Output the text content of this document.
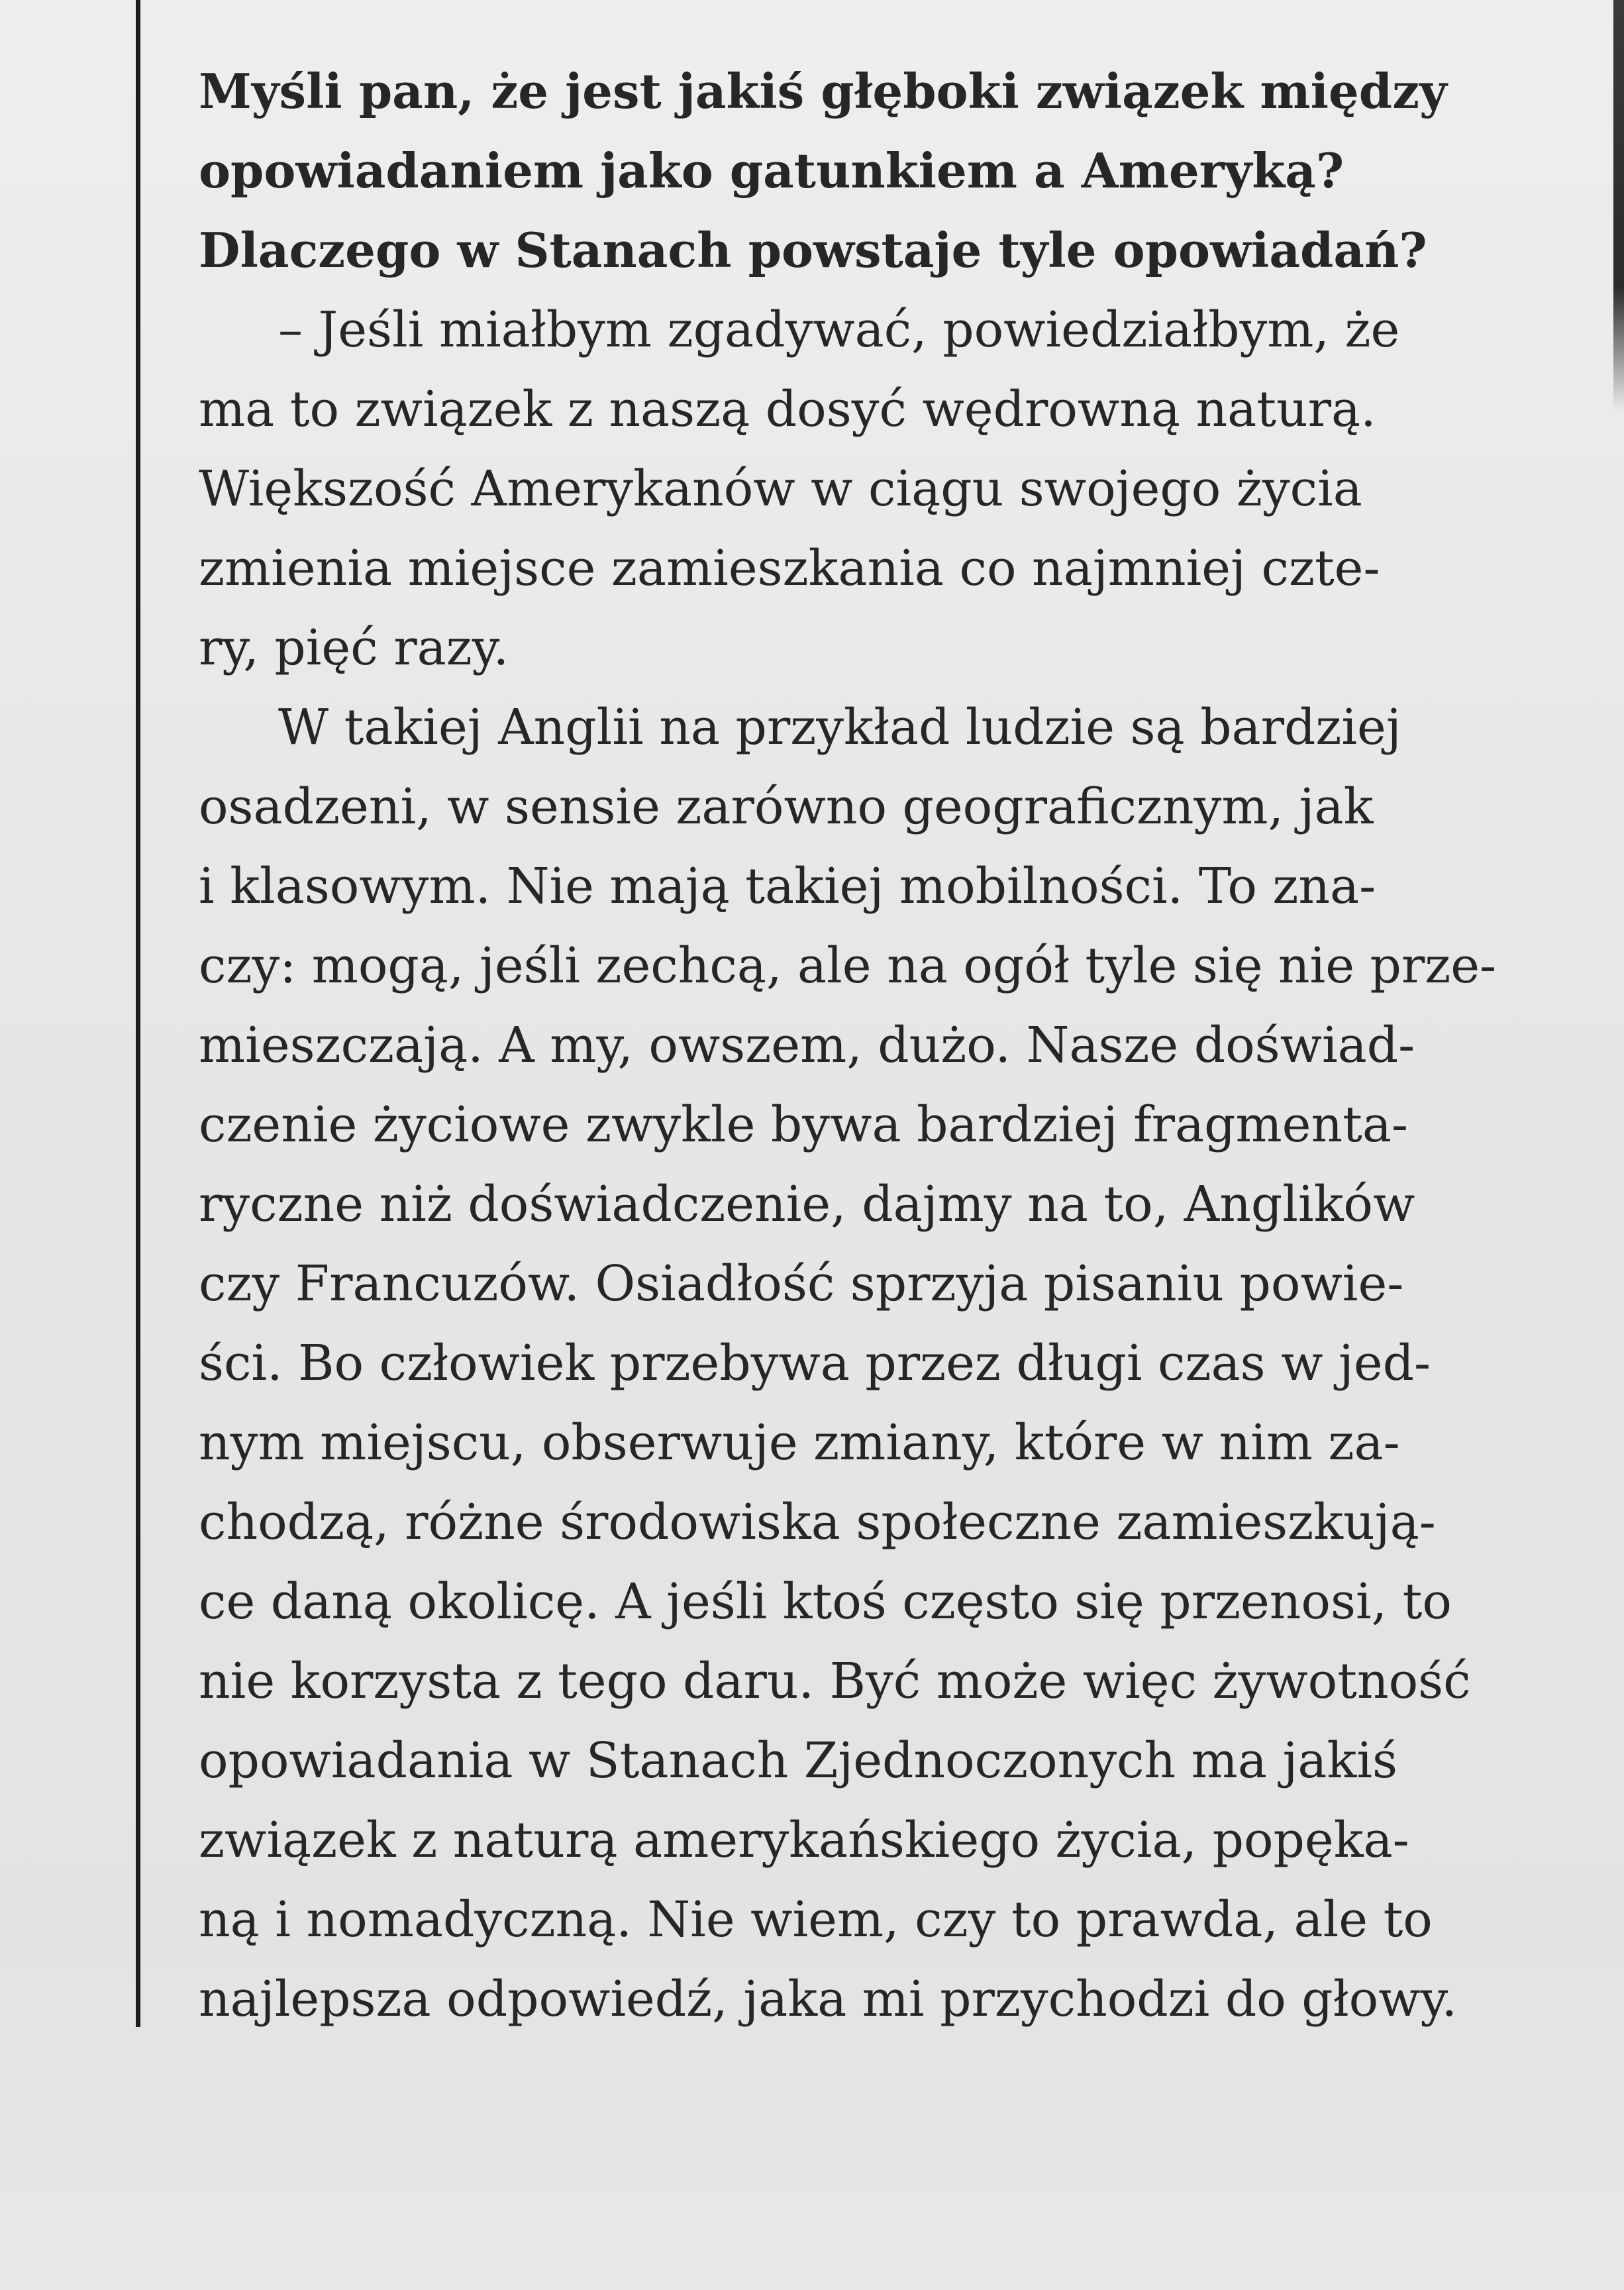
Myśli pan, że jest jakiś głęboki związek między
opowiadaniem jako gatunkiem a Ameryką?
Dlaczego w Stanach powstaje tyle opowiadań?
– Jeśli miałbym zgadywać, powiedziałbym, że
ma to związek z naszą dosyć wędrowną naturą.
Większość Amerykanów w ciągu swojego życia
zmienia miejsce zamieszkania co najmniej czte-
ry, pięć razy.
W takiej Anglii na przykład ludzie są bardziej
osadzeni, w sensie zarówno geograficznym, jak
i klasowym. Nie mają takiej mobilności. To zna-
czy: mogą, jeśli zechcą, ale na ogół tyle się nie prze-
mieszczają. A my, owszem, dużo. Nasze doświad-
czenie życiowe zwykle bywa bardziej fragmenta-
ryczne niż doświadczenie, dajmy na to, Anglików
czy Francuzów. Osiadłość sprzyja pisaniu powie-
ści. Bo człowiek przebywa przez długi czas w jed-
nym miejscu, obserwuje zmiany, które w nim za-
chodzą, różne środowiska społeczne zamieszkują-
ce daną okolicę. A jeśli ktoś często się przenosi, to
nie korzysta z tego daru. Być może więc żywotność
opowiadania w Stanach Zjednoczonych ma jakiś
związek z naturą amerykańskiego życia, popęka-
ną i nomadyczną. Nie wiem, czy to prawda, ale to
najlepsza odpowiedź, jaka mi przychodzi do głowy.
